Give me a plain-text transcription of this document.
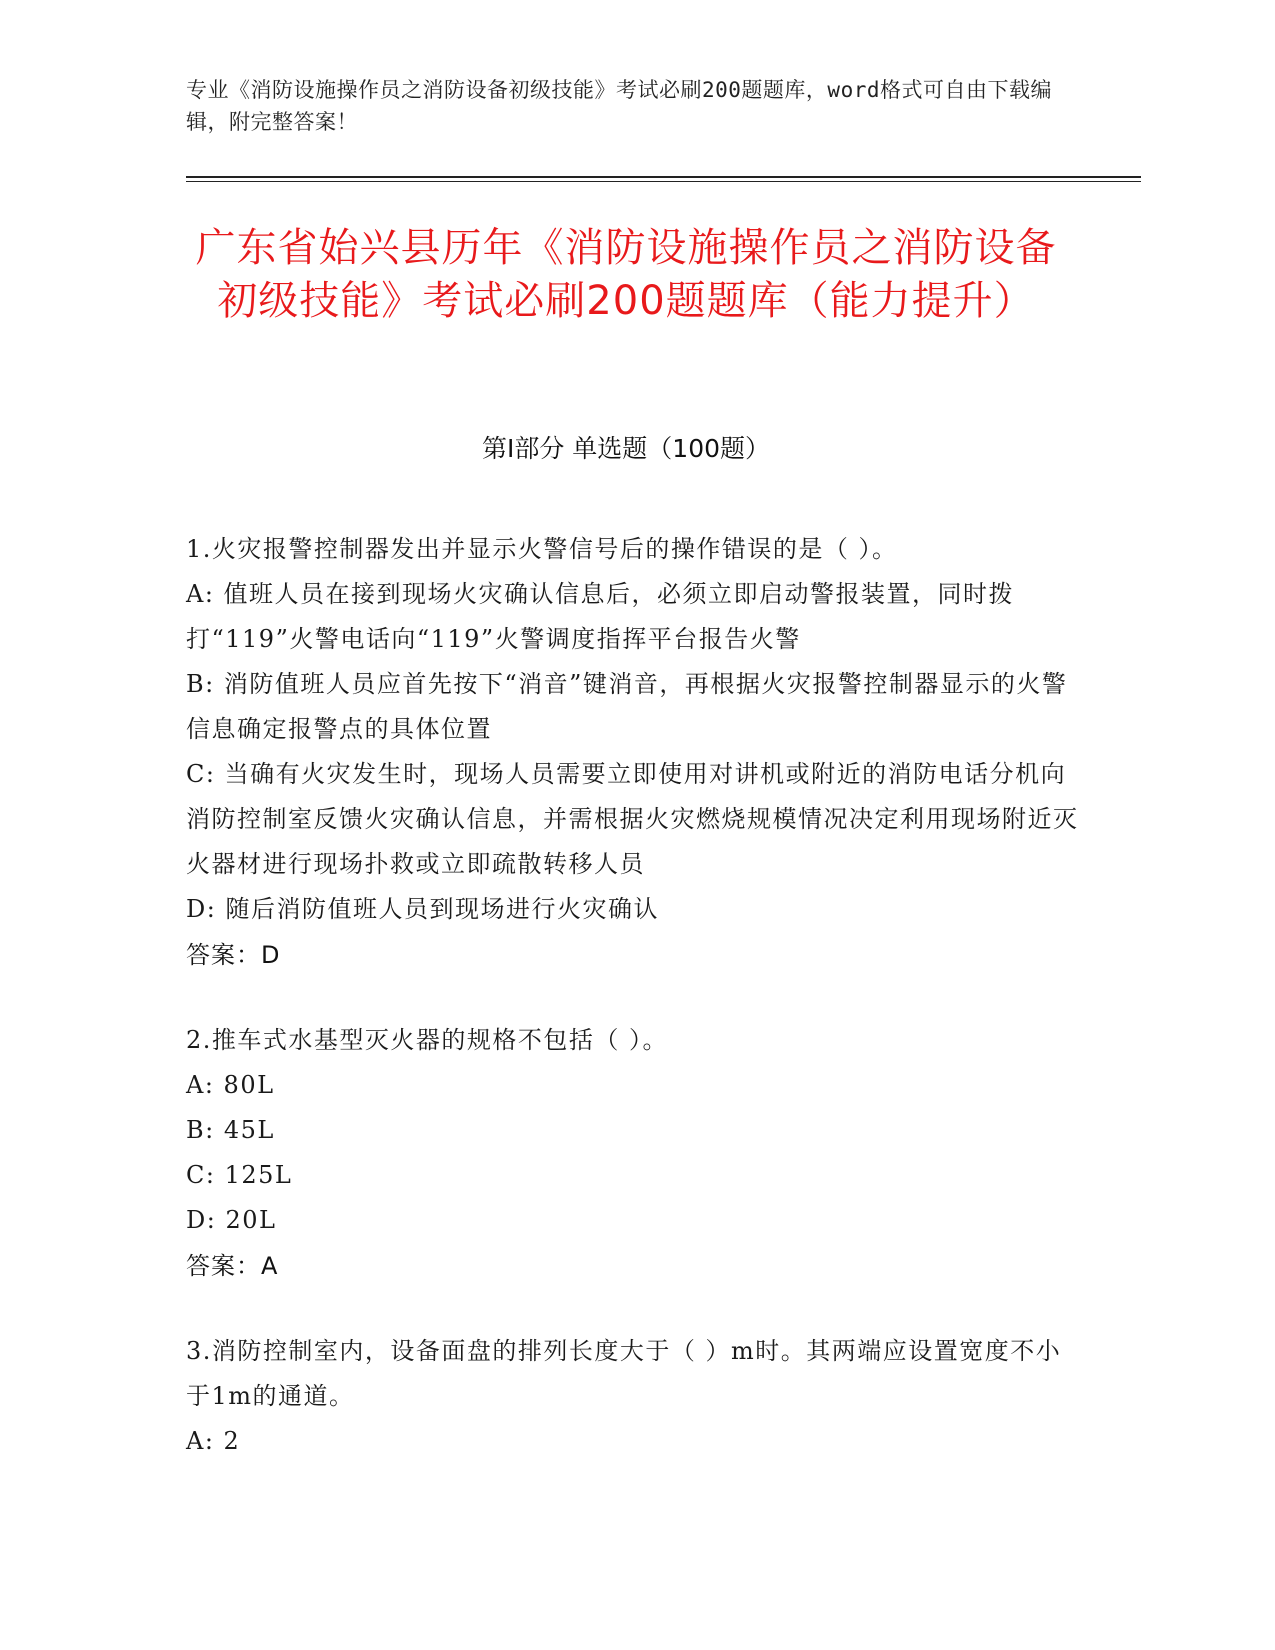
专业《消防设施操作员之消防设备初级技能》考试必刷200题题库，word格式可自由下载编辑，附完整答案！
广东省始兴县历年《消防设施操作员之消防设备初级技能》考试必刷200题题库（能力提升）
第I部分 单选题（100题）
1.火灾报警控制器发出并显示火警信号后的操作错误的是（ ）。
A: 值班人员在接到现场火灾确认信息后，必须立即启动警报装置，同时拨打“119”火警电话向“119”火警调度指挥平台报告火警
B: 消防值班人员应首先按下“消音”键消音，再根据火灾报警控制器显示的火警信息确定报警点的具体位置
C: 当确有火灾发生时，现场人员需要立即使用对讲机或附近的消防电话分机向消防控制室反馈火灾确认信息，并需根据火灾燃烧规模情况决定利用现场附近灭火器材进行现场扑救或立即疏散转移人员
D: 随后消防值班人员到现场进行火灾确认
答案：D
2.推车式水基型灭火器的规格不包括（ ）。
A: 80L
B: 45L
C: 125L
D: 20L
答案：A
3.消防控制室内，设备面盘的排列长度大于（ ）m时。其两端应设置宽度不小于1m的通道。
A: 2
